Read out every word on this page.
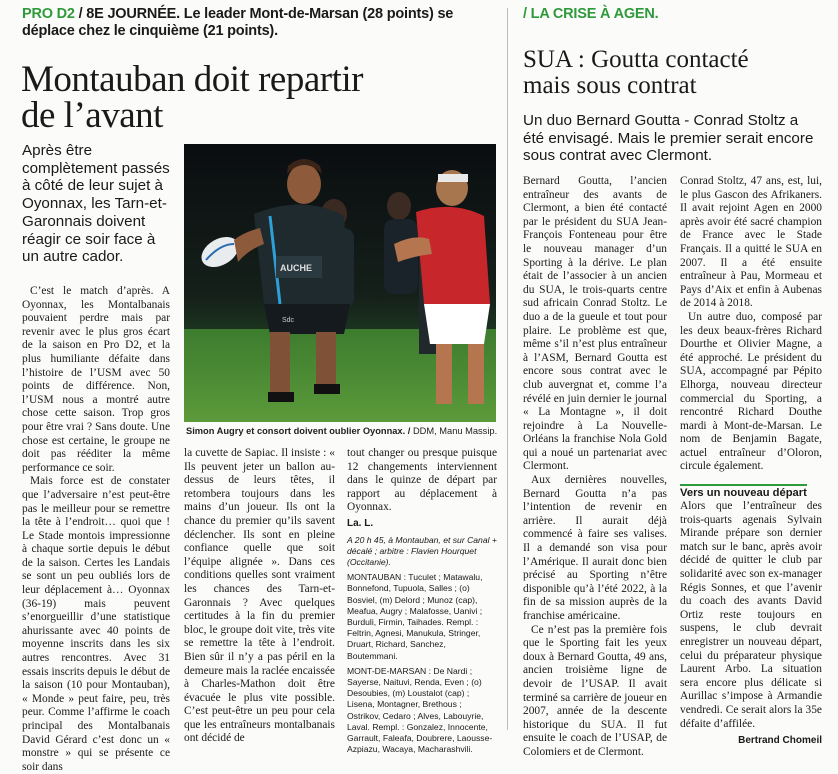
PRO D2 / 8E JOURNÉE. Le leader Mont-de-Marsan (28 points) se déplace chez le cinquième (21 points).
Montauban doit repartir
de l’avant
Après être complètement passés à côté de leur sujet à Oyonnax, les Tarn-et-Garonnais doivent réagir ce soir face à un autre cador.
AUCHE
Sdc
Simon Augry et consort doivent oublier Oyonnax. / DDM, Manu Massip.

C’est le match d’après. A Oyonnax, les Montalbanais pouvaient perdre mais par revenir avec le plus gros écart de la saison en Pro D2, et la plus humiliante défaite dans l’histoire de l’USM avec 50 points de différence. Non, l’USM nous a montré autre chose cette saison. Trop gros pour être vrai ? Sans doute. Une chose est certaine, le groupe ne doit pas rééditer la même performance ce soir.

Mais force est de constater que l’adversaire n’est peut-être pas le meilleur pour se remettre la tête à l’endroit… quoi que ! Le Stade montois impressionne à chaque sortie depuis le début de la saison. Certes les Landais se sont un peu oubliés lors de leur déplacement à… Oyonnax (36-19) mais peuvent s’enorgueillir d’une statistique ahurissante avec 40 points de moyenne inscrits dans les six autres rencontres. Avec 31 essais inscrits depuis le début de la saison (10 pour Montauban), « Monde » peut faire, peu, très peur. Comme l’affirme le coach principal des Montalbanais David Gérard c’est donc un « monstre » qui se présente ce soir dans

la cuvette de Sapiac. Il insiste : « Ils peuvent jeter un ballon au-dessus de leurs têtes, il retombera toujours dans les mains d’un joueur. Ils ont la chance du premier qu’ils savent déclencher. Ils sont en pleine confiance quelle que soit l’équipe alignée ». Dans ces conditions quelles sont vraiment les chances des Tarn-et-Garonnais ? Avec quelques certitudes à la fin du premier bloc, le groupe doit vite, très vite se remettre la tête à l’endroit. Bien sûr il n’y a pas péril en la demeure mais la raclée encaissée à Charles-Mathon doit être évacuée le plus vite possible. C’est peut-être un peu pour cela que les entraîneurs montalbanais ont décidé de

tout changer ou presque puisque 12 changements interviennent dans le quinze de départ par rapport au déplacement à Oyonnax.

La. L.

A 20 h 45, à Montauban, et sur Canal + décalé ; arbitre : Flavien Hourquet (Occitanie).

MONTAUBAN : Tuculet ; Matawalu, Bonnefond, Tupuola, Salles ; (o) Bosviel, (m) Delord ; Munoz (cap), Meafua, Augry ; Malafosse, Uanivi ; Burduli, Firmin, Taihades. Rempl. : Feltrin, Agnesi, Manukula, Stringer, Druart, Richard, Sanchez, Boutemmani.

MONT-DE-MARSAN : De Nardi ; Sayerse, Naituvi, Renda, Even ; (o) Desoubies, (m) Loustalot (cap) ; Lisena, Montagner, Brethous ; Ostrikov, Cedaro ; Alves, Labouyrie, Laval. Rempl. : Gonzalez, Innocente, Garrault, Faleafa, Doubrere, Laousse-Azpiazu, Wacaya, Macharashvili.

/ LA CRISE À AGEN.
SUA : Goutta contacté
mais sous contrat
Un duo Bernard Goutta - Conrad Stoltz a été envisagé. Mais le premier serait encore sous contrat avec Clermont.

Bernard Goutta, l’ancien entraîneur des avants de Clermont, a bien été contacté par le président du SUA Jean-François Fonteneau pour être le nouveau manager d’un Sporting à la dérive. Le plan était de l’associer à un ancien du SUA, le trois-quarts centre sud africain Conrad Stoltz. Le duo a de la gueule et tout pour plaire. Le problème est que, même s’il n’est plus entraîneur à l’ASM, Bernard Goutta est encore sous contrat avec le club auvergnat et, comme l’a révélé en juin dernier le journal « La Montagne », il doit rejoindre à La Nouvelle-Orléans la franchise Nola Gold qui a noué un partenariat avec Clermont.

Aux dernières nouvelles, Bernard Goutta n’a pas l’intention de revenir en arrière. Il aurait déjà commencé à faire ses valises. Il a demandé son visa pour l’Amérique. Il aurait donc bien précisé au Sporting n’être disponible qu’à l’été 2022, à la fin de sa mission auprès de la franchise américaine.

Ce n’est pas la première fois que le Sporting fait les yeux doux à Bernard Goutta, 49 ans, ancien troisième ligne de devoir de l’USAP. Il avait terminé sa carrière de joueur en 2007, année de la descente historique du SUA. Il fut ensuite le coach de l’USAP, de Colomiers et de Clermont.

Conrad Stoltz, 47 ans, est, lui, le plus Gascon des Afrikaners. Il avait rejoint Agen en 2000 après avoir été sacré champion de France avec le Stade Français. Il a quitté le SUA en 2007. Il a été ensuite entraîneur à Pau, Mormeau et Pays d’Aix et enfin à Aubenas de 2014 à 2018.

Un autre duo, composé par les deux beaux-frères Richard Dourthe et Olivier Magne, a été approché. Le président du SUA, accompagné par Pépito Elhorga, nouveau directeur commercial du Sporting, a rencontré Richard Douthe mardi à Mont-de-Marsan. Le nom de Benjamin Bagate, actuel entraîneur d’Oloron, circule également.

Vers un nouveau départ

Alors que l’entraîneur des trois-quarts agenais Sylvain Mirande prépare son dernier match sur le banc, après avoir décidé de quitter le club par solidarité avec son ex-manager Régis Sonnes, et que l’avenir du coach des avants David Ortiz reste toujours en suspens, le club devrait enregistrer un nouveau départ, celui du préparateur physique Laurent Arbo. La situation sera encore plus délicate si Aurillac s’impose à Armandie vendredi. Ce serait alors la 35e défaite d’affilée.

Bertrand Chomeil
